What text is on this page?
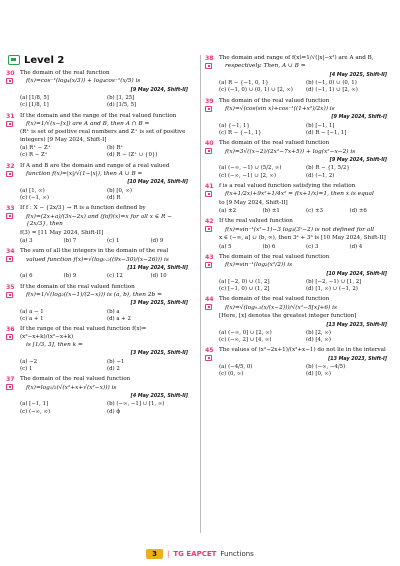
Level 2
30 The domain of the real function

f(x)=cos⁻¹(log₄(x/3)) + log₄cos⁻¹(x/5) is
[9 May 2024, Shift-II]
(a) [1/8, 5]	(b) [1, 25]
(c) [1/8, 1]	(d) [1/5, 5]
31 If the domain and the range of the real valued function

f(x)=1/√(x−[x]) are A and B, then A ∩ B =
(R⁺ is set of positive real numbers and Z⁺ is set of positive integers) [9 May 2024, Shift-I]
(a) R⁺ − Z⁺	(b) R⁺
(c) R − Z⁺	(d) R − (Z⁺ ∪ {0})
32 If A and B are the domain and range of a real valued

function f(x)=|x|/√(1−|x|), then A ∪ B =
[10 May 2024, Shift-II]
(a) [1, ∞)	(b) [0, ∞)
(c) (−1, ∞)	(d) R
33 If f : X − {2x/3} → R is a function defined by

f(x)=(2x+a)/(3x−2x) and (fof)(x)=x for all x ∈ R − {2x/3}, then
f(3) = [11 May 2024, Shift-II]
(a) 3	(b) 7	(c) 1	(d) 9
34 The sum of all the integers in the domain of the real

valued function f(x)=√(log₀.₂((9x−30)/(x−26))) is
[11 May 2024, Shift-II]
(a) 6	(b) 9	(c) 12	(d) 10
35 If the domain of the real valued function

f(x)=1/√(log₂((x−1)/(2−x))) is (a, b), then 2b =
[3 May 2025, Shift-II]
(a) a − 1	(b) a
(c) a + 1	(d) a + 2
36 If the range of the real valued function f(x)=(x²−x+k)/(x²−x+k)

is [1/3, 3], then k =
[3 May 2025, Shift-II]
(a) −2	(b) −1
(c) 1	(d) 2
37 The domain of the real valued function

f(x)=log₁/₂(√(x²+x+√(x²−x))) is
[4 May 2025, Shift-II]
(a) [−1, 1]	(b) (−∞, −1] ∪ [1, ∞)
(c) (−∞, ∞)	(d) ϕ
38 The domain and range of f(x)=1/√(|x|−x²) are A and B,

respectively. Then, A ∪ B =
[4 May 2025, Shift-II]
(a) R − {−1, 0, 1}	(b) (−1, 0) ∪ (0, 1)
(c) (−1, 0) ∪ (0, 1) ∪ [2, ∞)	(d) (−1, 1) ∪ [2, ∞)
39 The domain of the real valued function

f(x)=√(cos(sin x)+cos⁻¹((1+x²)/2x)) is
[9 May 2024, Shift-I]
(a) {−1, 1}	(b) [−1, 1]
(c) R − {−1, 1}	(d) R − [−1, 1]
40 The domain of the real valued function

f(x)=3√((x−2)/(2x²−7x+5)) + log(x²−x−2) is
[9 May 2024, Shift-II]
(a) (−∞, −1) ∪ (5/2, ∞)	(b) R − {1, 5/2}
(c) (−∞, −1) ∪ [2, ∞)	(d) (−1, 2)
41 f is a real valued function satisfying the relation

f(x+1/2x)+9x²+1/4x² = f(x+1/x)=1, then x is equal
to [9 May 2024, Shift-II]
(a) ±2	(b) ±1	(c) ±3	(d) ±6
42 If the real valued function

f(x)=sin⁻¹(x²−1)−3 log₃(3ˣ−2) is not defined for all
x ∈ (−∞, a] ∪ (b, ∞), then 3ᵃ + 3ᵇ is [10 May 2024, Shift-II]
(a) 5	(b) 6	(c) 3	(d) 4
43 The domain of the real valued function

f(x)=sin⁻¹(log₂(x²/2)) is
[10 May 2024, Shift-II]
(a) [−2, 0) ∪ (1, 2]	(b) [−2, −1) ∪ [1, 2]
(c) [−1, 0) ∪ (1, 2]	(d) [1, ∞) ∪ (−1, 2)
44 The domain of the real valued function

f(x)=√(log₀.₅(x/(x−2)))/√(x²−5[x]+6) is
[Here, [x] denotes the greatest integer function]
[13 May 2023, Shift-II]
(a) (−∞, 0] ∪ [2, ∞)	(b) [2, ∞)
(c) (−∞, 2] ∪ [4, ∞)	(d) [4, ∞)
45 The values of (x²−2x+1)/(x²+x−1) do not lie in the interval

[13 May 2023, Shift-I]
(a) (−4/5, 0)	(b) (−∞, −4/5)
(c) (0, ∞)	(d) [0, ∞)
3	| TG EAPCET Functions
